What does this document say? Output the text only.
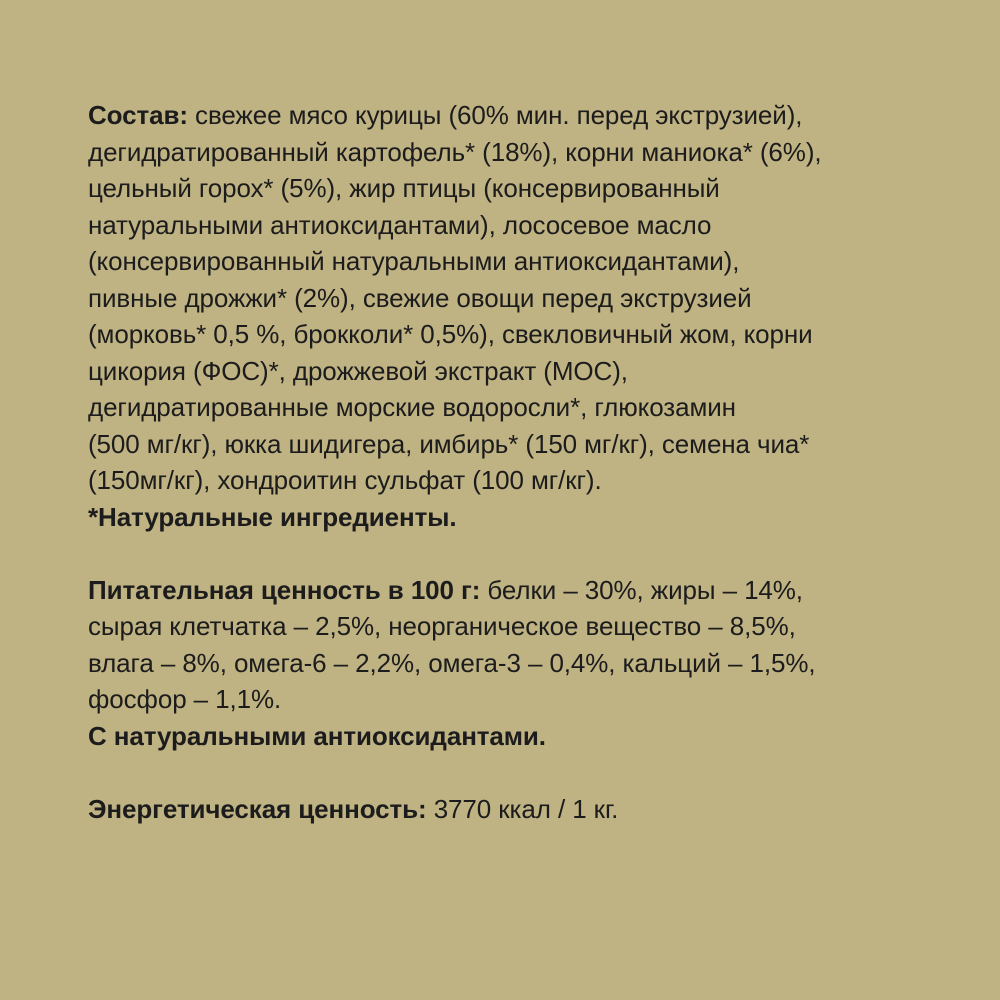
Состав: свежее мясо курицы (60% мин. перед экструзией),
дегидратированный картофель* (18%), корни маниока* (6%),
цельный горох* (5%), жир птицы (консервированный
натуральными антиоксидантами), лососевое масло
(консервированный натуральными антиоксидантами),
пивные дрожжи* (2%), свежие овощи перед экструзией
(морковь* 0,5 %, брокколи* 0,5%), свекловичный жом, корни
цикория (ФОС)*, дрожжевой экстракт (МОС),
дегидратированные морские водоросли*, глюкозамин
(500 мг/кг), юкка шидигера, имбирь* (150 мг/кг), семена чиа*
(150мг/кг), хондроитин сульфат (100 мг/кг).
*Натуральные ингредиенты.
Питательная ценность в 100 г: белки – 30%, жиры – 14%,
сырая клетчатка – 2,5%, неорганическое вещество – 8,5%,
влага – 8%, омега-6 – 2,2%, омега-3 – 0,4%, кальций – 1,5%,
фосфор – 1,1%.
С натуральными антиоксидантами.
Энергетическая ценность: 3770 ккал / 1 кг.
